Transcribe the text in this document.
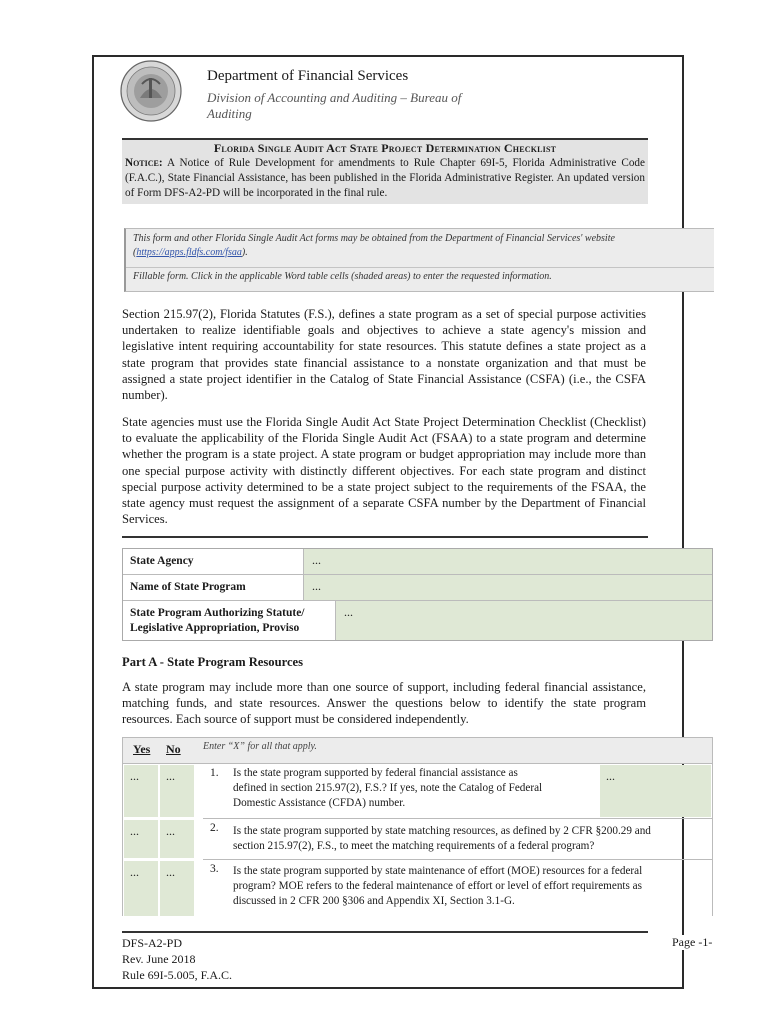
Department of Financial Services
Division of Accounting and Auditing – Bureau of Auditing
Florida Single Audit Act State Project Determination Checklist
Notice: A Notice of Rule Development for amendments to Rule Chapter 69I-5, Florida Administrative Code (F.A.C.), State Financial Assistance, has been published in the Florida Administrative Register. An updated version of Form DFS-A2-PD will be incorporated in the final rule.
This form and other Florida Single Audit Act forms may be obtained from the Department of Financial Services' website (https://apps.fldfs.com/fsaa).
Fillable form. Click in the applicable Word table cells (shaded areas) to enter the requested information.
Section 215.97(2), Florida Statutes (F.S.), defines a state program as a set of special purpose activities undertaken to realize identifiable goals and objectives to achieve a state agency's mission and legislative intent requiring accountability for state resources. This statute defines a state project as a state program that provides state financial assistance to a nonstate organization and that must be assigned a state project identifier in the Catalog of State Financial Assistance (CSFA) (i.e., the CSFA number).
State agencies must use the Florida Single Audit Act State Project Determination Checklist (Checklist) to evaluate the applicability of the Florida Single Audit Act (FSAA) to a state program and determine whether the program is a state project. A state program or budget appropriation may include more than one special purpose activity with distinctly different objectives. For each state program and distinct special purpose activity determined to be a state project subject to the requirements of the FSAA, the state agency must request the assignment of a separate CSFA number by the Department of Financial Services.
State Agency	...
Name of State Program	...
State Program Authorizing Statute/
Legislative Appropriation, Proviso
...
Part A - State Program Resources
A state program may include more than one source of support, including federal financial assistance, matching funds, and state resources. Answer the questions below to identify the state program resources. Each source of support must be considered independently.
Yes No Enter “X” for all that apply.
...	...	1. Is the state program supported by federal financial assistance as
defined in section 215.97(2), F.S.? If yes, note the Catalog of Federal
Domestic Assistance (CFDA) number.
...
...	...	2. Is the state program supported by state matching resources, as defined by 2 CFR §200.29 and
section 215.97(2), F.S., to meet the matching requirements of a federal program?
...	...	3. Is the state program supported by state maintenance of effort (MOE) resources for a federal
program? MOE refers to the federal maintenance of effort or level of effort requirements as
discussed in 2 CFR 200 §306 and Appendix XI, Section 3.1-G.
DFS-A2-PD
Rev. June 2018
Rule 69I-5.005, F.A.C.
Page -1-
